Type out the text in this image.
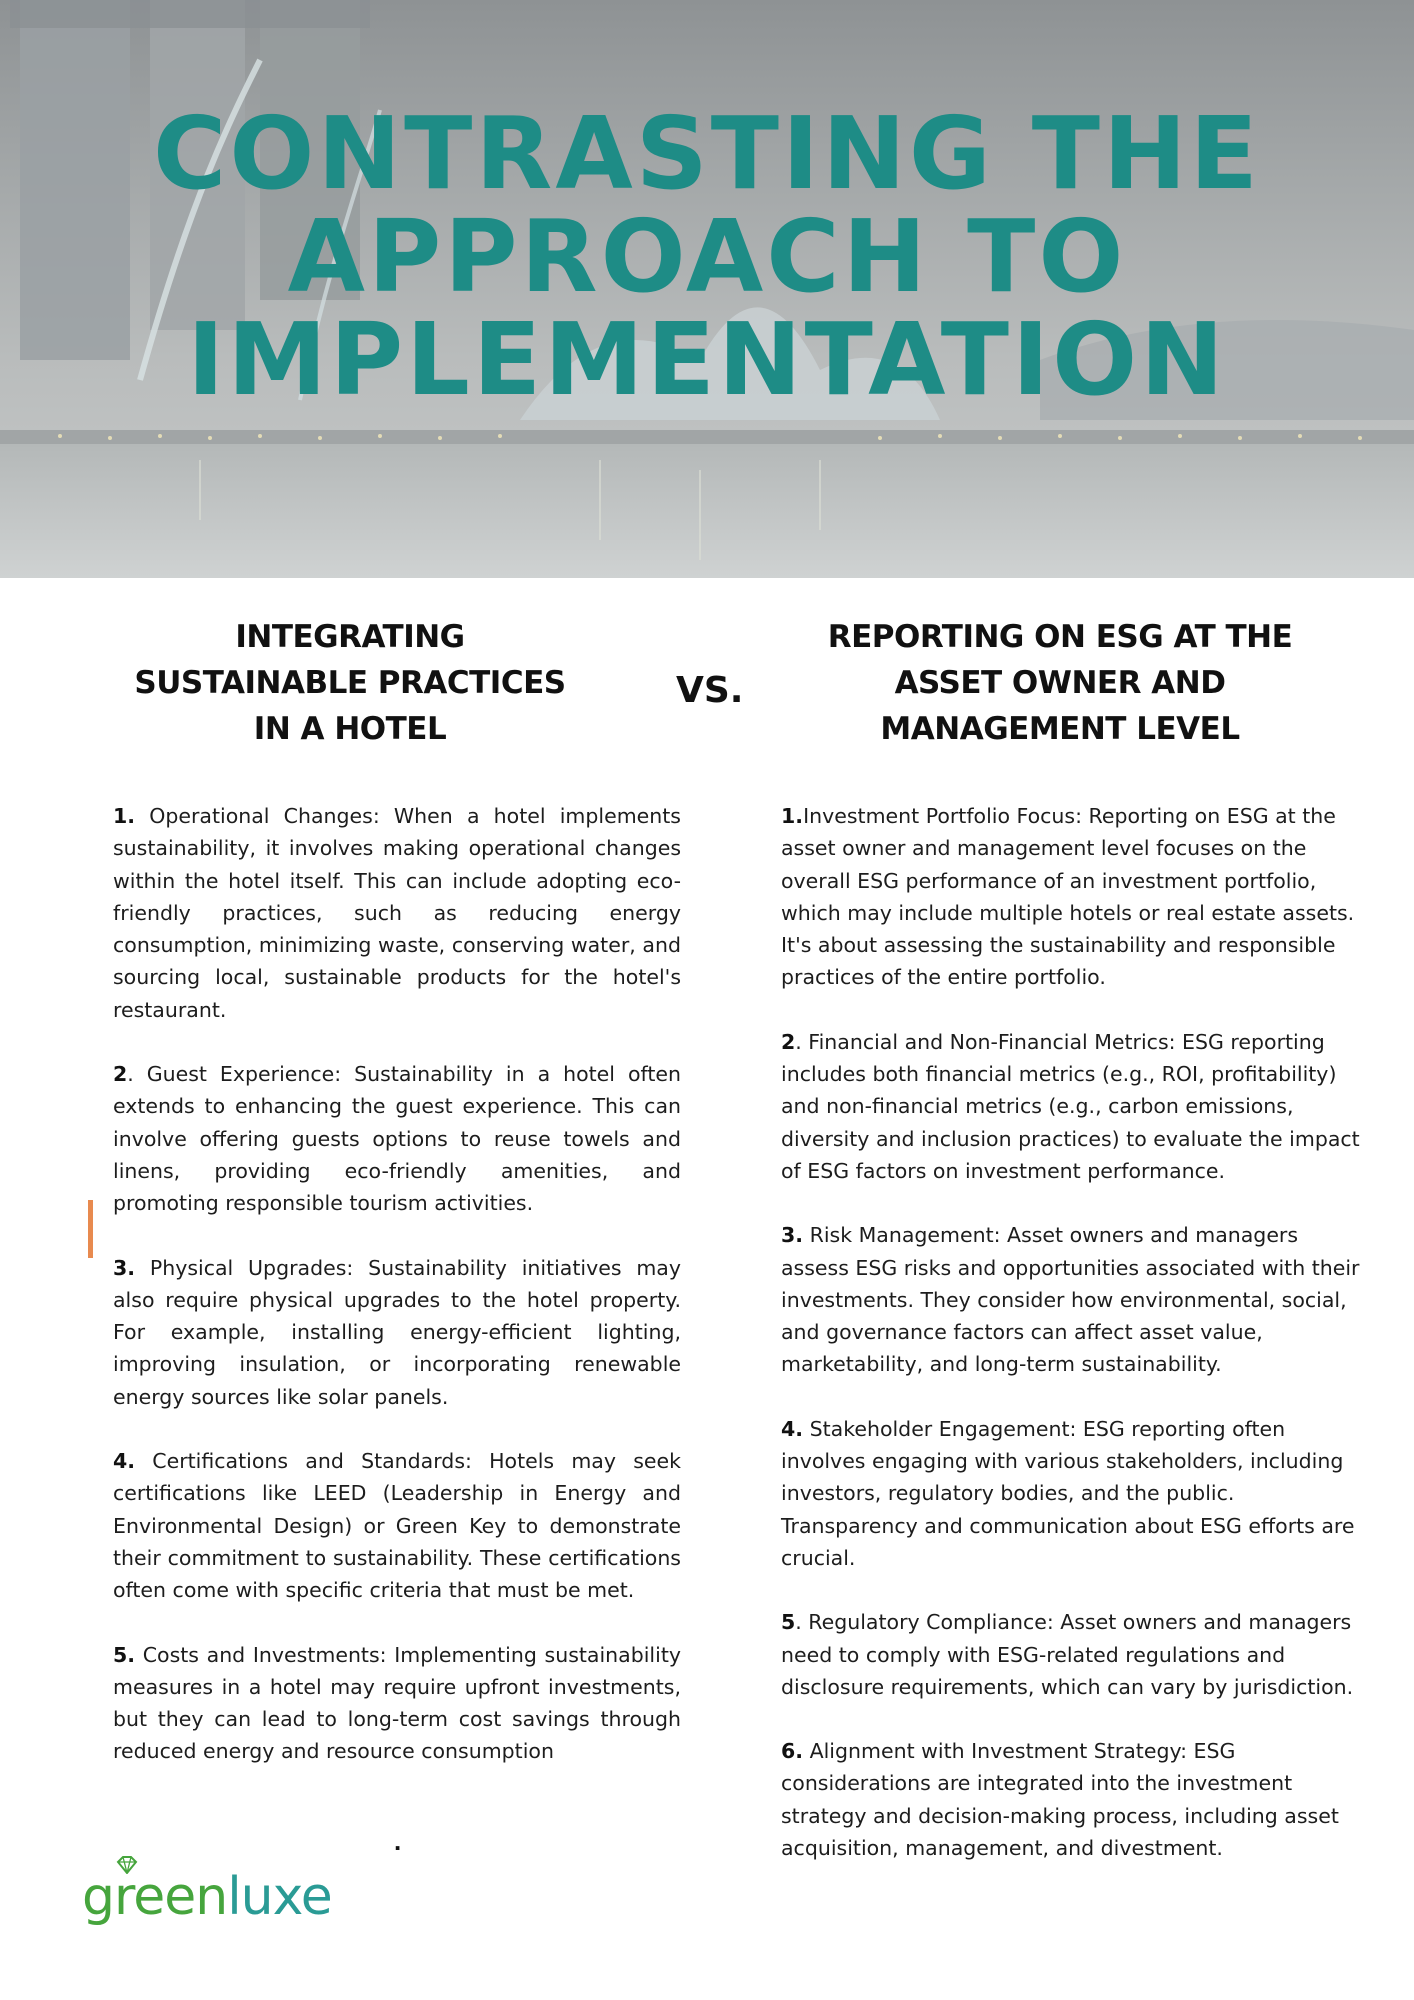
CONTRASTING THE
APPROACH TO
IMPLEMENTATION
INTEGRATING
SUSTAINABLE PRACTICES
IN A HOTEL
VS.
REPORTING ON ESG AT THE
ASSET OWNER AND
MANAGEMENT LEVEL

1. Operational Changes: When a hotel implements sustainability, it involves making operational changes within the hotel itself. This can include adopting eco-friendly practices, such as reducing energy consumption, minimizing waste, conserving water, and sourcing local, sustainable products for the hotel's restaurant.

2. Guest Experience: Sustainability in a hotel often extends to enhancing the guest experience. This can involve offering guests options to reuse towels and linens, providing eco-friendly amenities, and promoting responsible tourism activities.

3. Physical Upgrades: Sustainability initiatives may also require physical upgrades to the hotel property. For example, installing energy-efficient lighting, improving insulation, or incorporating renewable energy sources like solar panels.

4. Certifications and Standards: Hotels may seek certifications like LEED (Leadership in Energy and Environmental Design) or Green Key to demonstrate their commitment to sustainability. These certifications often come with specific criteria that must be met.

5. Costs and Investments: Implementing sustainability measures in a hotel may require upfront investments, but they can lead to long-term cost savings through reduced energy and resource consumption

.

1.Investment Portfolio Focus: Reporting on ESG at the asset owner and management level focuses on the overall ESG performance of an investment portfolio, which may include multiple hotels or real estate assets. It's about assessing the sustainability and responsible practices of the entire portfolio.

2. Financial and Non-Financial Metrics: ESG reporting includes both financial metrics (e.g., ROI, profitability) and non-financial metrics (e.g., carbon emissions, diversity and inclusion practices) to evaluate the impact of ESG factors on investment performance.

3. Risk Management: Asset owners and managers assess ESG risks and opportunities associated with their investments. They consider how environmental, social, and governance factors can affect asset value, marketability, and long-term sustainability.

4. Stakeholder Engagement: ESG reporting often involves engaging with various stakeholders, including investors, regulatory bodies, and the public. Transparency and communication about ESG efforts are crucial.

5. Regulatory Compliance: Asset owners and managers need to comply with ESG-related regulations and disclosure requirements, which can vary by jurisdiction.

6. Alignment with Investment Strategy: ESG considerations are integrated into the investment strategy and decision-making process, including asset acquisition, management, and divestment.

greenluxe
